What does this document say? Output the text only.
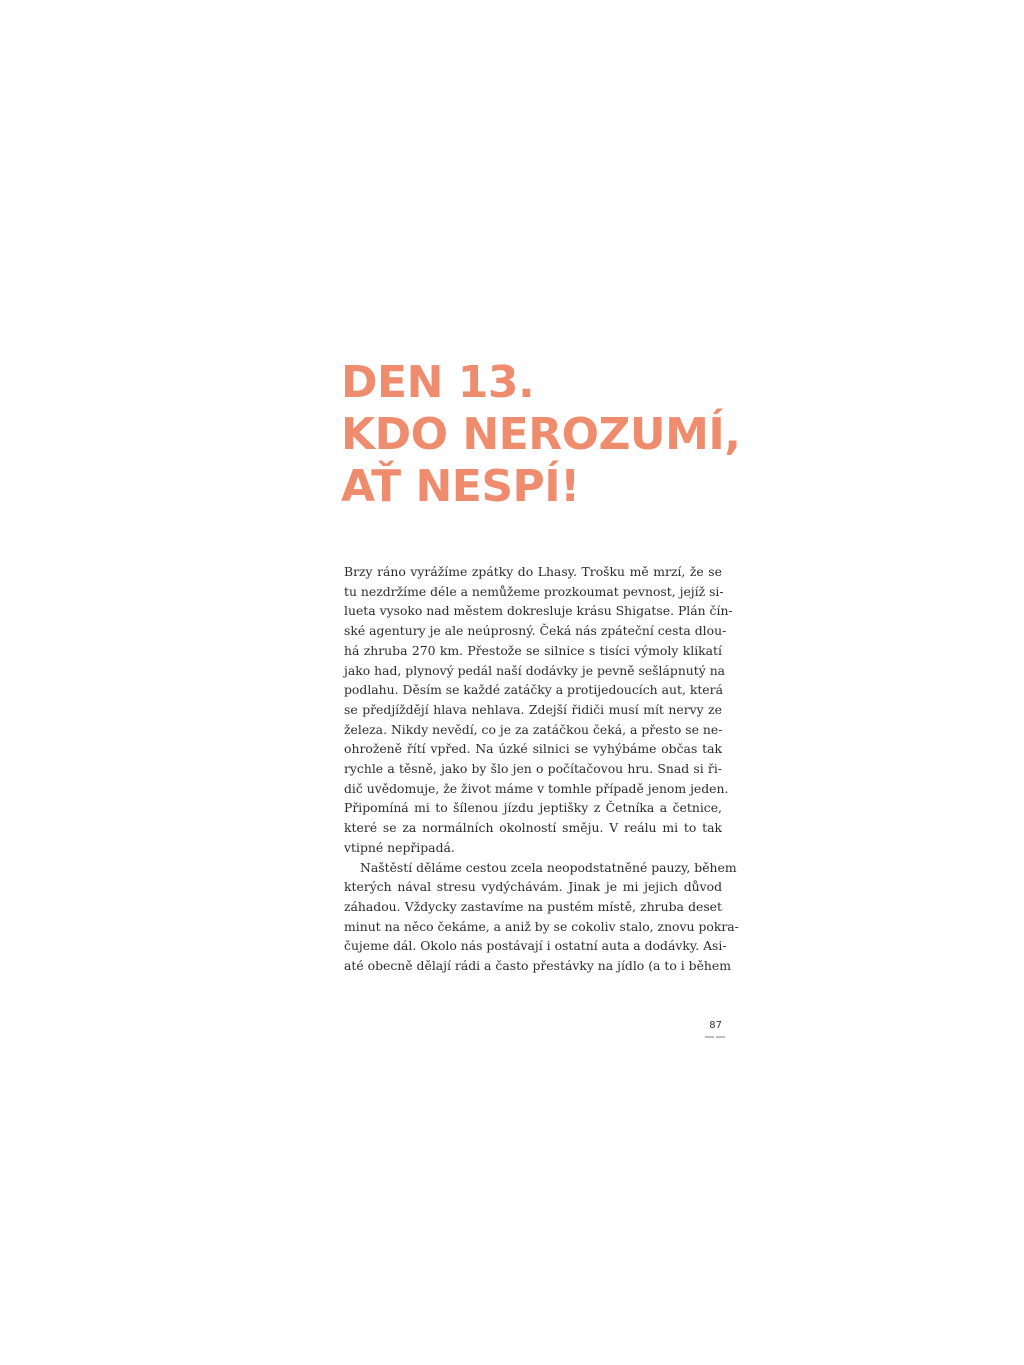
DEN 13.
KDO NEROZUMÍ,
AŤ NESPÍ!
Brzy ráno vyrážíme zpátky do Lhasy. Trošku mě mrzí, že se
tu nezdržíme déle a nemůžeme prozkoumat pevnost, jejíž si-
lueta vysoko nad městem dokresluje krásu Shigatse. Plán čín-
ské agentury je ale neúprosný. Čeká nás zpáteční cesta dlou-
há zhruba 270 km. Přestože se silnice s tisíci výmoly klikatí
jako had, plynový pedál naší dodávky je pevně sešlápnutý na
podlahu. Děsím se každé zatáčky a protijedoucích aut, která
se předjíždějí hlava nehlava. Zdejší řidiči musí mít nervy ze
železa. Nikdy nevědí, co je za zatáčkou čeká, a přesto se ne-
ohroženě řítí vpřed. Na úzké silnici se vyhýbáme občas tak
rychle a těsně, jako by šlo jen o počítačovou hru. Snad si ři-
dič uvědomuje, že život máme v tomhle případě jenom jeden.
Připomíná mi to šílenou jízdu jeptišky z Četníka a četnice,
které se za normálních okolností směju. V reálu mi to tak
vtipné nepřipadá.
Naštěstí děláme cestou zcela neopodstatněné pauzy, během
kterých nával stresu vydýchávám. Jinak je mi jejich důvod
záhadou. Vždycky zastavíme na pustém místě, zhruba deset
minut na něco čekáme, a aniž by se cokoliv stalo, znovu pokra-
čujeme dál. Okolo nás postávají i ostatní auta a dodávky. Asi-
até obecně dělají rádi a často přestávky na jídlo (a to i během
87
